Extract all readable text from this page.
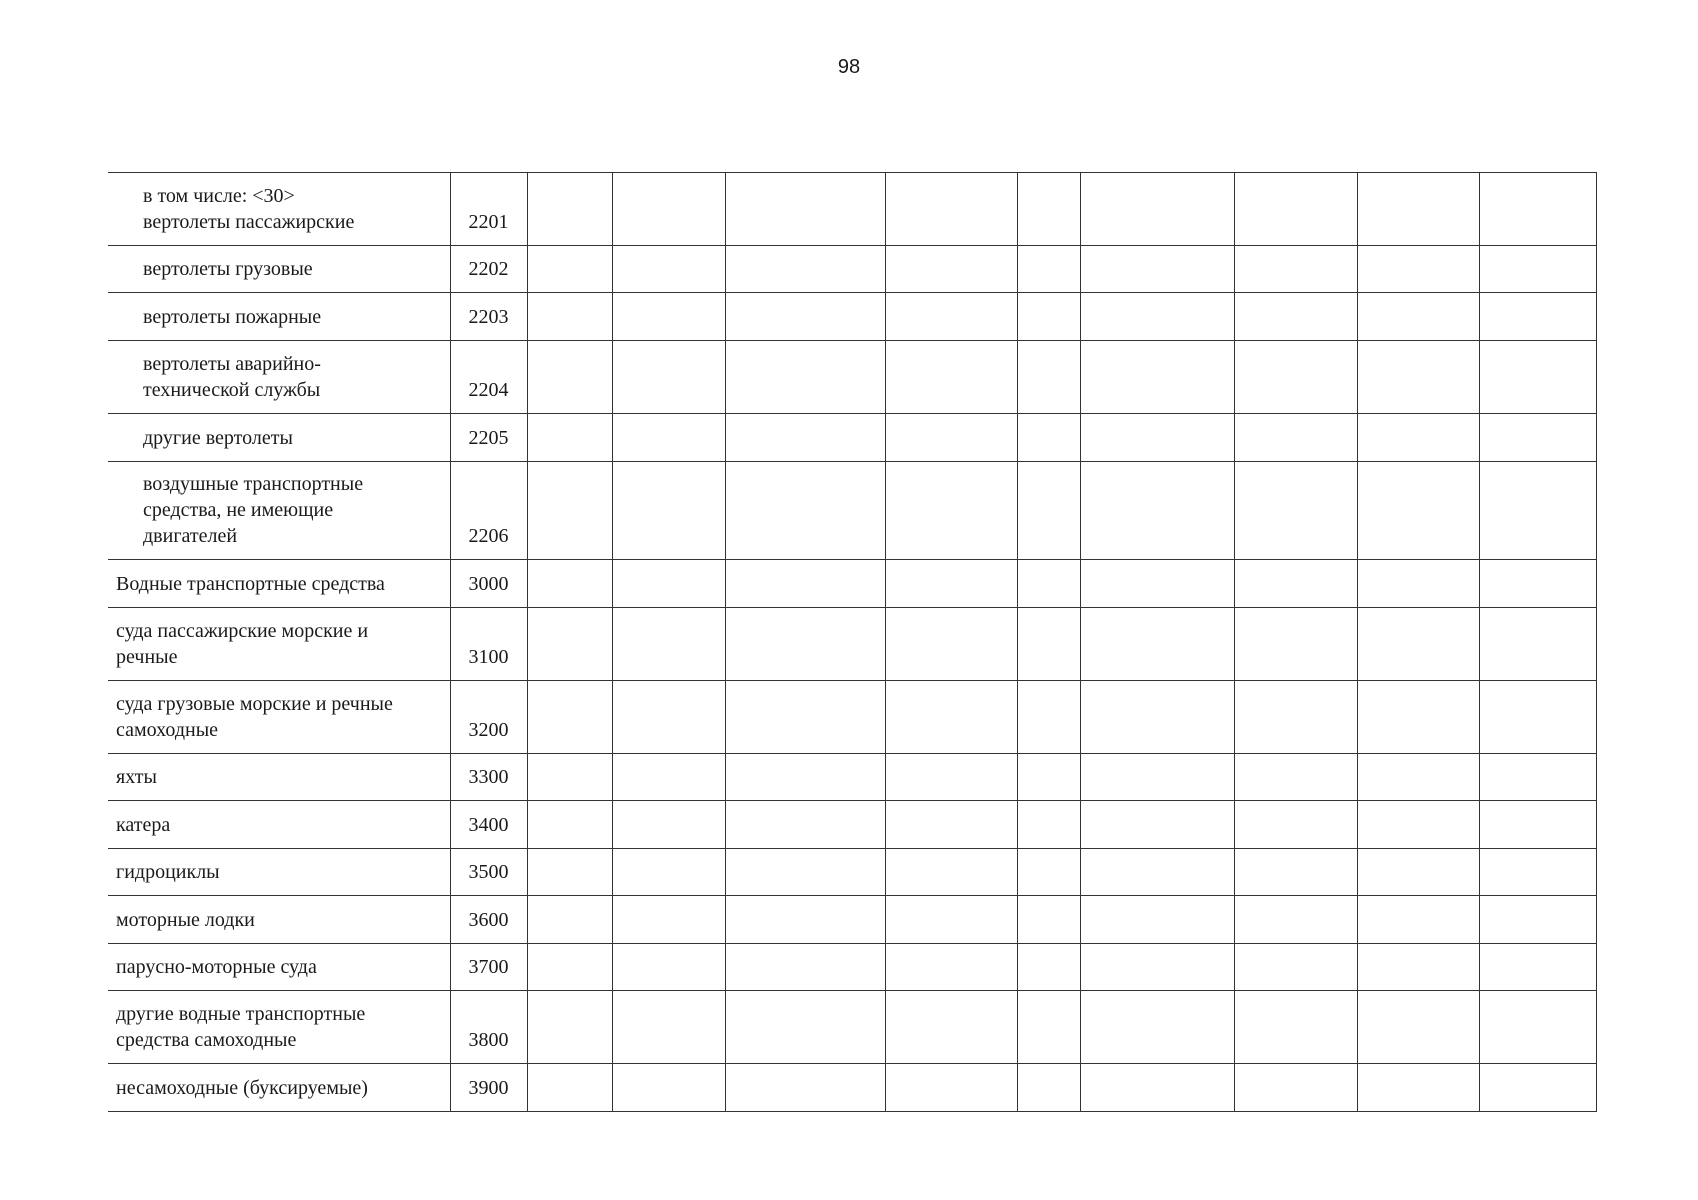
98
в том числе: <30>
вертолеты пассажирские	2201									

вертолеты грузовые	2202									

вертолеты пожарные	2203									

вертолеты аварийно-
технической службы	2204									

другие вертолеты	2205									

воздушные транспортные
средства, не имеющие
двигателей	2206									

Водные транспортные средства	3000									

суда пассажирские морские и
речные	3100									

суда грузовые морские и речные
самоходные	3200									

яхты	3300									

катера	3400									

гидроциклы	3500									

моторные лодки	3600									

парусно-моторные суда	3700									

другие водные транспортные
средства самоходные	3800									

несамоходные (буксируемые)	3900									
